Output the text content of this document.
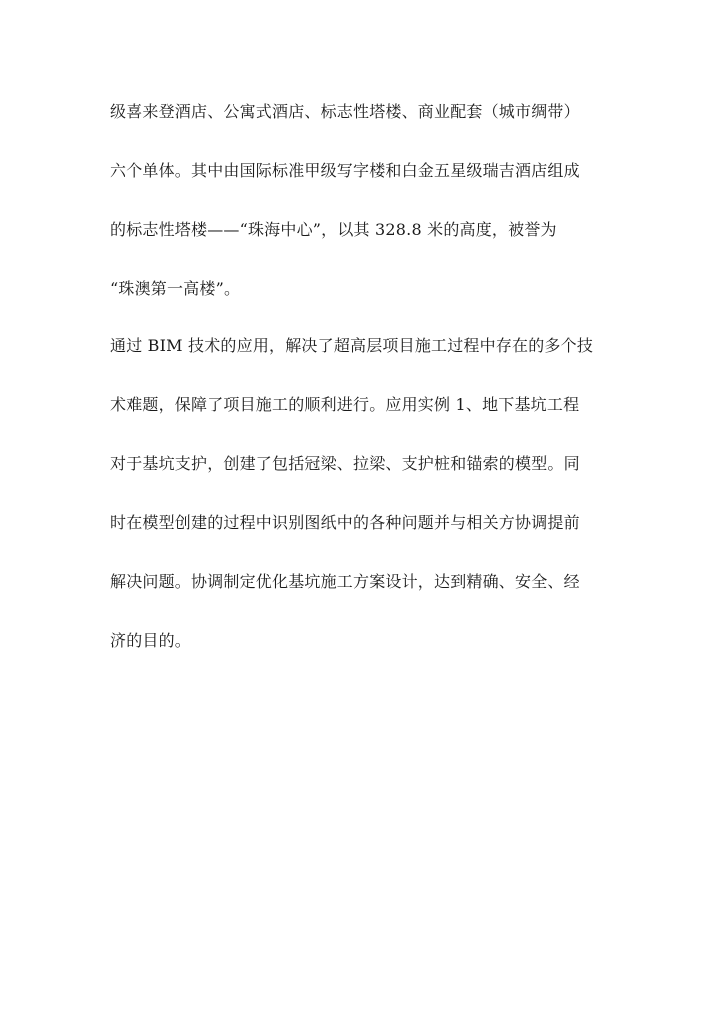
级喜来登酒店、公寓式酒店、标志性塔楼、商业配套（城市绸带）
六个单体。其中由国际标准甲级写字楼和白金五星级瑞吉酒店组成
的标志性塔楼——“珠海中心”，以其 328.8 米的高度，被誉为
“珠澳第一高楼”。
通过 BIM 技术的应用，解决了超高层项目施工过程中存在的多个技
术难题，保障了项目施工的顺利进行。应用实例 1、地下基坑工程
对于基坑支护，创建了包括冠梁、拉梁、支护桩和锚索的模型。同
时在模型创建的过程中识别图纸中的各种问题并与相关方协调提前
解决问题。协调制定优化基坑施工方案设计，达到精确、安全、经
济的目的。
